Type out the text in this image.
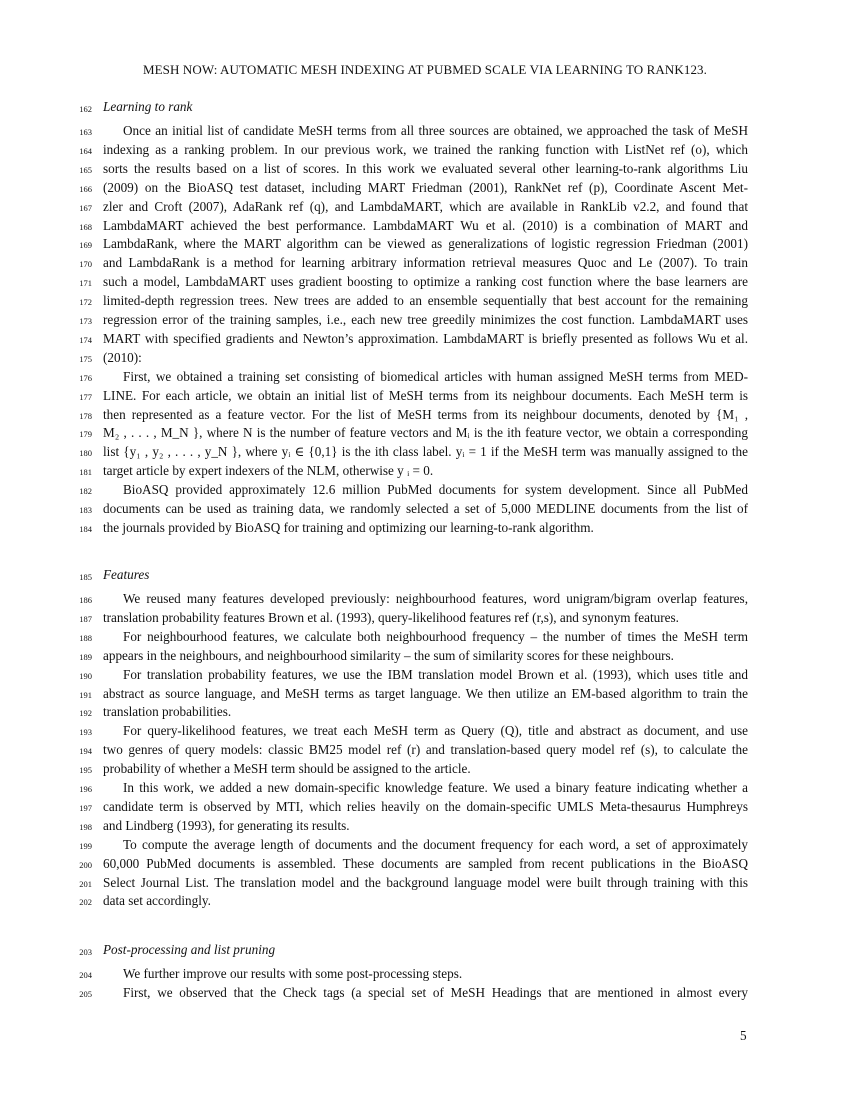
MESH NOW: AUTOMATIC MESH INDEXING AT PUBMED SCALE VIA LEARNING TO RANK123.
162 Learning to rank
163 Once an initial list of candidate MeSH terms from all three sources are obtained, we approached the task of MeSH
164 indexing as a ranking problem. In our previous work, we trained the ranking function with ListNet ref (o), which
165 sorts the results based on a list of scores. In this work we evaluated several other learning-to-rank algorithms Liu
166 (2009) on the BioASQ test dataset, including MART Friedman (2001), RankNet ref (p), Coordinate Ascent Met-
167 zler and Croft (2007), AdaRank ref (q), and LambdaMART, which are available in RankLib v2.2, and found that
168 LambdaMART achieved the best performance. LambdaMART Wu et al. (2010) is a combination of MART and
169 LambdaRank, where the MART algorithm can be viewed as generalizations of logistic regression Friedman (2001)
170 and LambdaRank is a method for learning arbitrary information retrieval measures Quoc and Le (2007). To train
171 such a model, LambdaMART uses gradient boosting to optimize a ranking cost function where the base learners are
172 limited-depth regression trees. New trees are added to an ensemble sequentially that best account for the remaining
173 regression error of the training samples, i.e., each new tree greedily minimizes the cost function. LambdaMART uses
174 MART with specified gradients and Newton’s approximation. LambdaMART is briefly presented as follows Wu et al.
175 (2010):
176 First, we obtained a training set consisting of biomedical articles with human assigned MeSH terms from MED-
177 LINE. For each article, we obtain an initial list of MeSH terms from its neighbour documents. Each MeSH term is
178 then represented as a feature vector. For the list of MeSH terms from its neighbour documents, denoted by {M₁ ,
179 M₂ , . . . , M_N }, where N is the number of feature vectors and Mᵢ is the ith feature vector, we obtain a corresponding
180 list {y₁ , y₂ , . . . , y_N }, where yᵢ ∈ {0,1} is the ith class label. yᵢ = 1 if the MeSH term was manually assigned to the
181 target article by expert indexers of the NLM, otherwise y ᵢ = 0.
182 BioASQ provided approximately 12.6 million PubMed documents for system development. Since all PubMed
183 documents can be used as training data, we randomly selected a set of 5,000 MEDLINE documents from the list of
184 the journals provided by BioASQ for training and optimizing our learning-to-rank algorithm.
185 Features
186 We reused many features developed previously: neighbourhood features, word unigram/bigram overlap features,
187 translation probability features Brown et al. (1993), query-likelihood features ref (r,s), and synonym features.
188 For neighbourhood features, we calculate both neighbourhood frequency – the number of times the MeSH term
189 appears in the neighbours, and neighbourhood similarity – the sum of similarity scores for these neighbours.
190 For translation probability features, we use the IBM translation model Brown et al. (1993), which uses title and
191 abstract as source language, and MeSH terms as target language. We then utilize an EM-based algorithm to train the
192 translation probabilities.
193 For query-likelihood features, we treat each MeSH term as Query (Q), title and abstract as document, and use
194 two genres of query models: classic BM25 model ref (r) and translation-based query model ref (s), to calculate the
195 probability of whether a MeSH term should be assigned to the article.
196 In this work, we added a new domain-specific knowledge feature. We used a binary feature indicating whether a
197 candidate term is observed by MTI, which relies heavily on the domain-specific UMLS Meta-thesaurus Humphreys
198 and Lindberg (1993), for generating its results.
199 To compute the average length of documents and the document frequency for each word, a set of approximately
200 60,000 PubMed documents is assembled. These documents are sampled from recent publications in the BioASQ
201 Select Journal List. The translation model and the background language model were built through training with this
202 data set accordingly.
203 Post-processing and list pruning
204 We further improve our results with some post-processing steps.
205 First, we observed that the Check tags (a special set of MeSH Headings that are mentioned in almost every
5
